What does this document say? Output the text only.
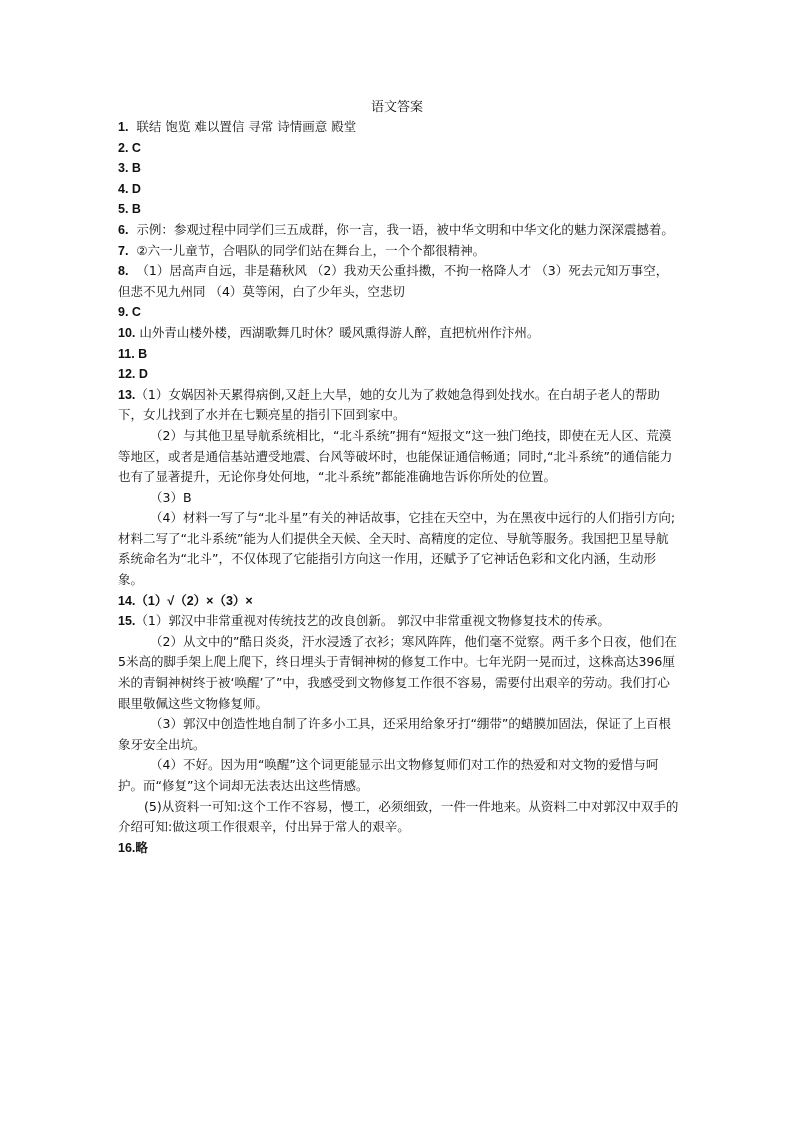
语文答案

1. 联结 饱览 难以置信 寻常 诗情画意 殿堂

2. C

3. B

4. D

5. B

6. 示例：参观过程中同学们三五成群，你一言，我一语，被中华文明和中华文化的魅力深深震撼着。

7. ②六一儿童节，合唱队的同学们站在舞台上，一个个都很精神。

8. （1）居高声自远，非是藉秋风 （2）我劝天公重抖擞，不拘一格降人才 （3）死去元知万事空，但悲不见九州同 （4）莫等闲，白了少年头，空悲切

9. C

10. 山外青山楼外楼，西湖歌舞几时休？暖风熏得游人醉，直把杭州作汴州。

11. B

12. D

13.（1）女娲因补天累得病倒,又赶上大旱，她的女儿为了救她急得到处找水。在白胡子老人的帮助下，女儿找到了水并在七颗亮星的指引下回到家中。

（2）与其他卫星导航系统相比，“北斗系统”拥有“短报文”这一独门绝技，即使在无人区、荒漠等地区，或者是通信基站遭受地震、台风等破坏时，也能保证通信畅通；同时,“北斗系统”的通信能力也有了显著提升，无论你身处何地，“北斗系统”都能准确地告诉你所处的位置。

（3）B

（4）材料一写了与“北斗星”有关的神话故事，它挂在天空中，为在黑夜中远行的人们指引方向; 材料二写了“北斗系统”能为人们提供全天候、全天时、高精度的定位、导航等服务。我国把卫星导航系统命名为“北斗”，不仅体现了它能指引方向这一作用，还赋予了它神话色彩和文化内涵，生动形象。

14.（1）√（2）×（3）×

15.（1）郭汉中非常重视对传统技艺的改良创新。 郭汉中非常重视文物修复技术的传承。

（2）从文中的”酷日炎炎，汗水浸透了衣衫；寒风阵阵，他们毫不觉察。两千多个日夜，他们在5米高的脚手架上爬上爬下，终日埋头于青铜神树的修复工作中。七年光阴一晃而过，这株高达396厘米的青铜神树终于被‘唤醒’了”中，我感受到文物修复工作很不容易，需要付出艰辛的劳动。我们打心眼里敬佩这些文物修复师。

（3）郭汉中创造性地自制了许多小工具，还采用给象牙打“绷带”的蜡膜加固法，保证了上百根象牙安全出坑。

（4）不好。因为用“唤醒”这个词更能显示出文物修复师们对工作的热爱和对文物的爱惜与呵护。而“修复”这个词却无法表达出这些情感。

(5)从资料一可知:这个工作不容易，慢工，必须细致，一件一件地来。从资料二中对郭汉中双手的介绍可知:做这项工作很艰辛，付出异于常人的艰辛。

16.略
